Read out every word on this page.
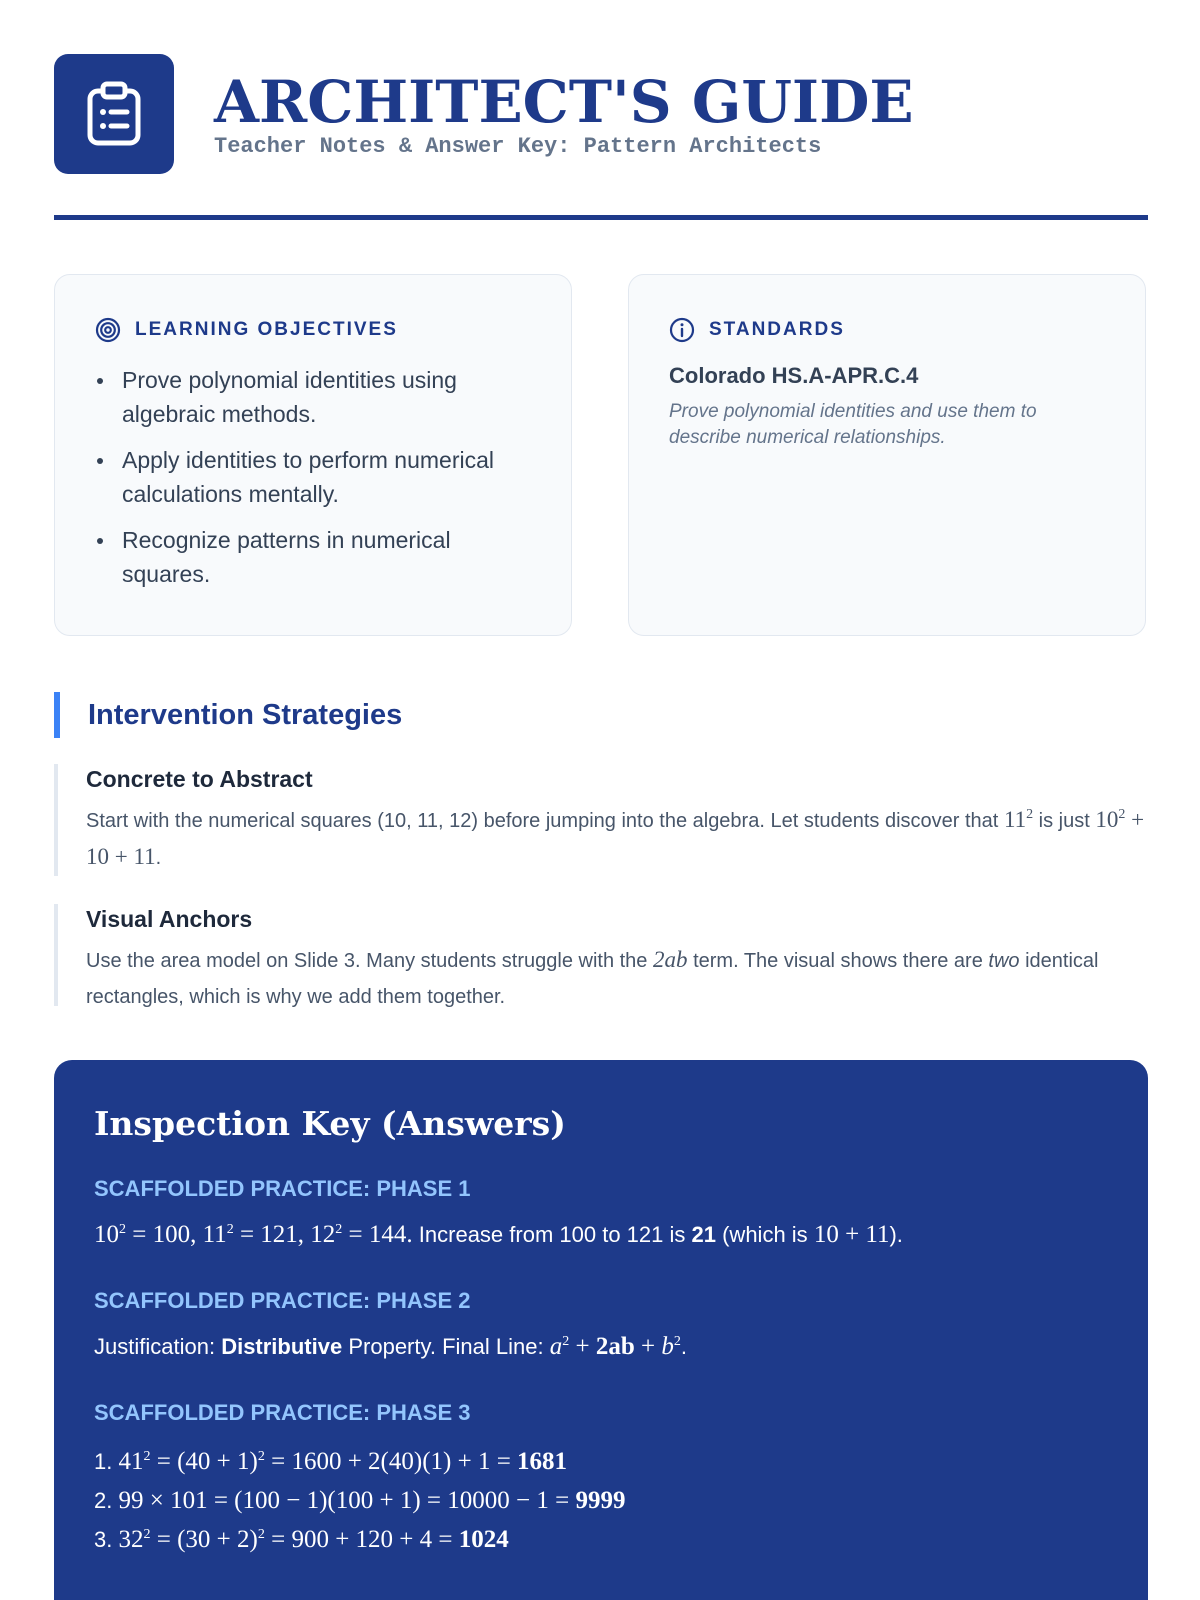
ARCHITECT'S GUIDE
Teacher Notes & Answer Key: Pattern Architects
LEARNING OBJECTIVES
Prove polynomial identities using algebraic methods.
Apply identities to perform numerical calculations mentally.
Recognize patterns in numerical squares.
STANDARDS
Colorado HS.A-APR.C.4
Prove polynomial identities and use them to describe numerical relationships.
Intervention Strategies
Concrete to Abstract

Start with the numerical squares (10, 11, 12) before jumping into the algebra. Let students discover that $11^2$ is just $10^2 + 10 + 11$.

Visual Anchors

Use the area model on Slide 3. Many students struggle with the 2ab term. The visual shows there are two identical rectangles, which is why we add them together.

Inspection Key (Answers)
SCAFFOLDED PRACTICE: PHASE 1
$10^2 = 100$, $11^2 = 121$, $12^2 = 144$. Increase from 100 to 121 is 21 (which is 10 + 11).
SCAFFOLDED PRACTICE: PHASE 2
Justification: Distributive Property. Final Line: $a^2 + 2ab + b^2$.
SCAFFOLDED PRACTICE: PHASE 3
1. $41^2 = (40 + 1)^2 = 1600 + 2(40)(1) + 1 = 1681$
2. 99 × 101 = (100 − 1)(100 + 1) = 10000 − 1 = 9999
3. $32^2 = (30 + 2)^2 = 900 + 120 + 4 = 1024$
